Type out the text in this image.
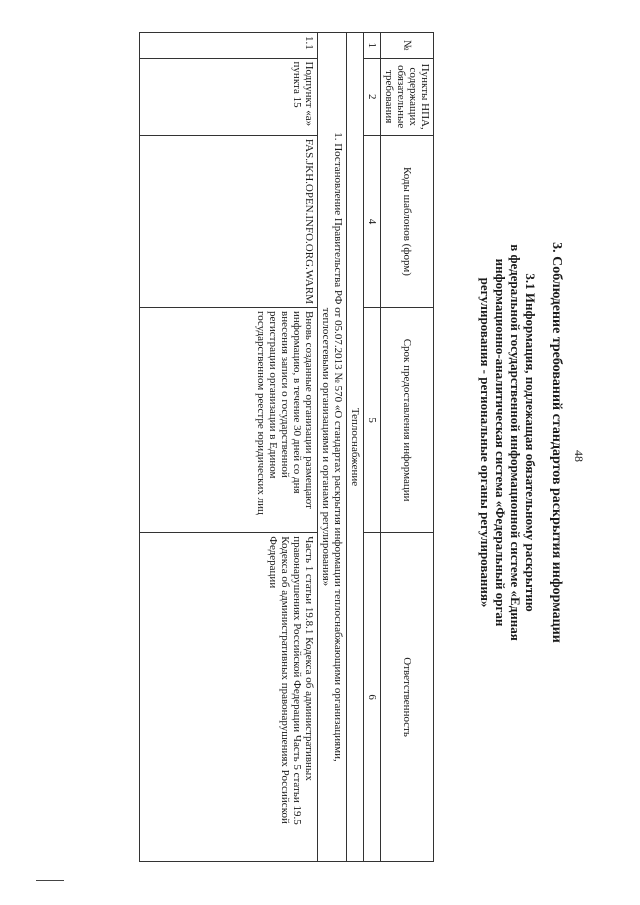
48
3. Соблюдение требований стандартов раскрытия информации
3.1 Информация, подлежащая обязательному раскрытию
в федеральной государственной информационной системе «Единая
информационно-аналитическая система «Федеральный орган
регулирования - региональные органы регулирования»
№	Пункты НПА, содержащих обязательные требования	Коды шаблонов (форм)	Срок предоставления информации	Ответственность
1	2	4	5	6
Теплоснабжение				

1. Постановление Правительства РФ от 05.07.2013 № 570 «О стандартах раскрытия информации теплоснабжающими организациями,
теплосетевыми организациями и органами регулирования»				

1.1	Подпункт «а» пункта 15	FAS.JKH.OPEN.INFO.ORG.WARM	Вновь созданные организации размещают информацию, в течение 30 дней со дня внесения записи о государственной регистрации организации в Едином государственном реестре юридических лиц	Часть 1 статьи 19.8.1 Кодекса об административных правонарушениях Российской Федерации Часть 5 статьи 19.5 Кодекса об административных правонарушениях Российской Федерации
